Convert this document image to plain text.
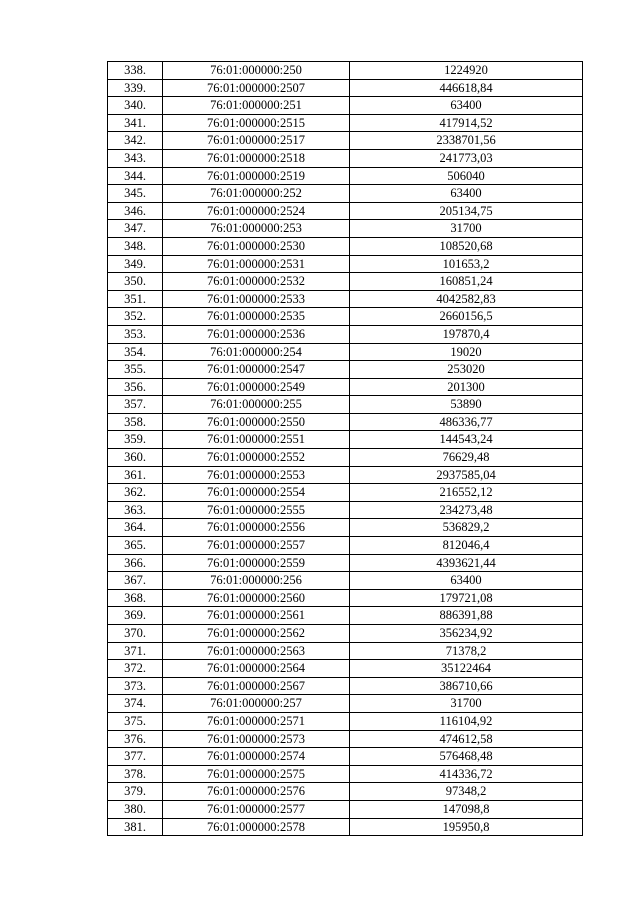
338.	76:01:000000:250	1224920
339.	76:01:000000:2507	446618,84
340.	76:01:000000:251	63400
341.	76:01:000000:2515	417914,52
342.	76:01:000000:2517	2338701,56
343.	76:01:000000:2518	241773,03
344.	76:01:000000:2519	506040
345.	76:01:000000:252	63400
346.	76:01:000000:2524	205134,75
347.	76:01:000000:253	31700
348.	76:01:000000:2530	108520,68
349.	76:01:000000:2531	101653,2
350.	76:01:000000:2532	160851,24
351.	76:01:000000:2533	4042582,83
352.	76:01:000000:2535	2660156,5
353.	76:01:000000:2536	197870,4
354.	76:01:000000:254	19020
355.	76:01:000000:2547	253020
356.	76:01:000000:2549	201300
357.	76:01:000000:255	53890
358.	76:01:000000:2550	486336,77
359.	76:01:000000:2551	144543,24
360.	76:01:000000:2552	76629,48
361.	76:01:000000:2553	2937585,04
362.	76:01:000000:2554	216552,12
363.	76:01:000000:2555	234273,48
364.	76:01:000000:2556	536829,2
365.	76:01:000000:2557	812046,4
366.	76:01:000000:2559	4393621,44
367.	76:01:000000:256	63400
368.	76:01:000000:2560	179721,08
369.	76:01:000000:2561	886391,88
370.	76:01:000000:2562	356234,92
371.	76:01:000000:2563	71378,2
372.	76:01:000000:2564	35122464
373.	76:01:000000:2567	386710,66
374.	76:01:000000:257	31700
375.	76:01:000000:2571	116104,92
376.	76:01:000000:2573	474612,58
377.	76:01:000000:2574	576468,48
378.	76:01:000000:2575	414336,72
379.	76:01:000000:2576	97348,2
380.	76:01:000000:2577	147098,8
381.	76:01:000000:2578	195950,8
